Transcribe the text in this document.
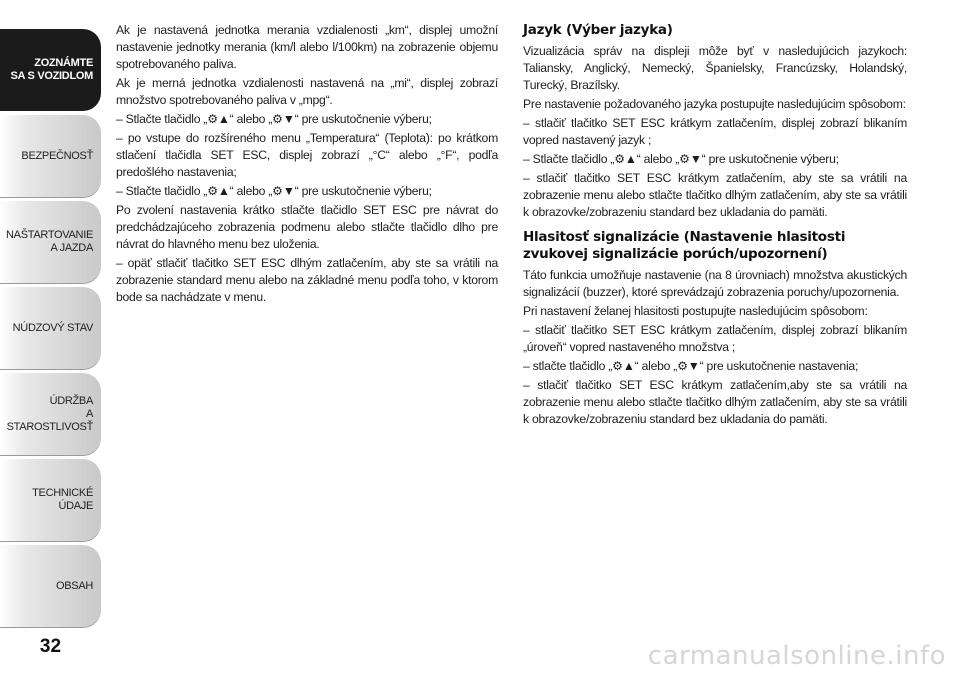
ZOZNÁMTE
SA S VOZIDLOM
BEZPEČNOSŤ
NAŠTARTOVANIE
A JAZDA
NÚDZOVÝ STAV
ÚDRŽBA
A STAROSTLIVOSŤ
TECHNICKÉ
ÚDAJE
OBSAH
32

Ak je nastavená jednotka merania vzdialenosti „km“, displej umožní nastavenie jednotky merania (km/l alebo l/100km) na zobrazenie objemu spotrebovaného paliva.

Ak je merná jednotka vzdialenosti nastavená na „mi“, displej zobrazí množstvo spotrebovaného paliva v „mpg“.

– Stlačte tlačidlo „⚙▲“ alebo „⚙▼“ pre uskutočnenie výberu;

– po vstupe do rozšíreného menu „Temperatura“ (Teplota): po krátkom stlačení tlačidla SET ESC, displej zobrazí „°C“ alebo „°F“, podľa predošlého nastavenia;

– Stlačte tlačidlo „⚙▲“ alebo „⚙▼“ pre uskutočnenie výberu;

Po zvolení nastavenia krátko stlačte tlačidlo SET ESC pre návrat do predchádzajúceho zobrazenia podmenu alebo stlačte tlačidlo dlho pre návrat do hlavného menu bez uloženia.

– opäť stlačiť tlačitko SET ESC dlhým zatlačením, aby ste sa vrátili na zobrazenie standard menu alebo na základné menu podľa toho, v ktorom bode sa nachádzate v menu.

Jazyk (Výber jazyka)

Vizualizácia správ na displeji môže byť v nasledujúcich jazykoch: Taliansky, Anglický, Nemecký, Španielsky, Francúzsky, Holandský, Turecký, Brazílsky.

Pre nastavenie požadovaného jazyka postupujte nasledujúcim spôsobom:

– stlačiť tlačitko SET ESC krátkym zatlačením, displej zobrazí blikaním vopred nastavený jazyk ;

– Stlačte tlačidlo „⚙▲“ alebo „⚙▼“ pre uskutočnenie výberu;

– stlačiť tlačitko SET ESC krátkym zatlačením, aby ste sa vrátili na zobrazenie menu alebo stlačte tlačitko dlhým zatlačením, aby ste sa vrátili k obrazovke/zobrazeniu standard bez ukladania do pamäti.

Hlasitosť signalizácie (Nastavenie hlasitosti zvukovej signalizácie porúch/upozornení)

Táto funkcia umožňuje nastavenie (na 8 úrovniach) množstva akustických signalizácií (buzzer), ktoré sprevádzajú zobrazenia poruchy/upozornenia.

Pri nastavení želanej hlasitosti postupujte nasledujúcim spôsobom:

– stlačiť tlačitko SET ESC krátkym zatlačením, displej zobrazí blikaním „úroveň“ vopred nastaveného množstva ;

– stlačte tlačidlo „⚙▲“ alebo „⚙▼“ pre uskutočnenie nastavenia;

– stlačiť tlačitko SET ESC krátkym zatlačením,aby ste sa vrátili na zobrazenie menu alebo stlačte tlačitko dlhým zatlačením, aby ste sa vrátili k obrazovke/zobrazeniu standard bez ukladania do pamäti.

carmanualsonline.info
